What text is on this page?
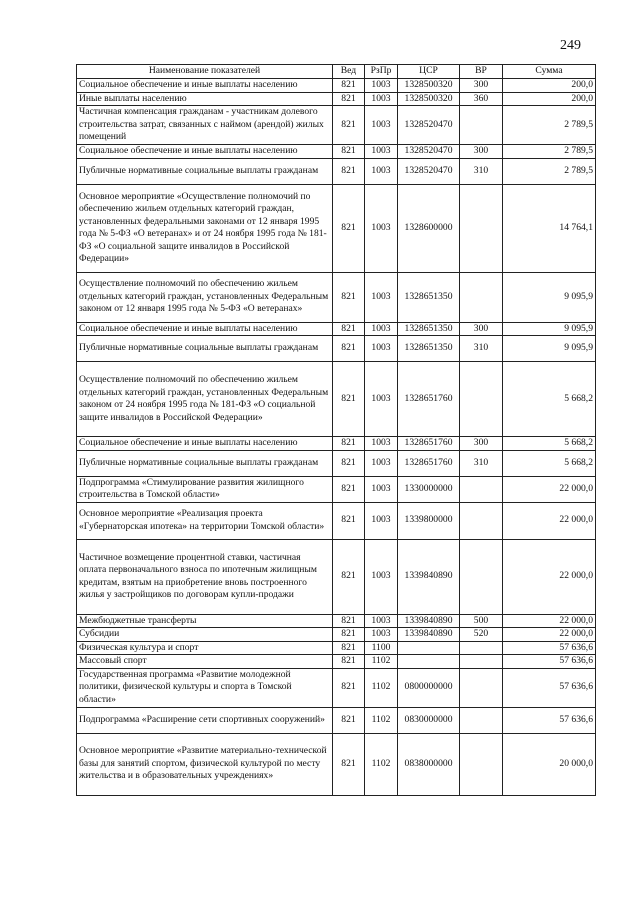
249
Наименование показателей	Вед	РзПр	ЦСР	ВР	Сумма
Социальное обеспечение и иные выплаты населению	821	1003	1328500320	300	200,0
Иные выплаты населению	821	1003	1328500320	360	200,0
Частичная компенсация гражданам - участникам долевого строительства затрат, связанных с наймом (арендой) жилых помещений	821	1003	1328520470		2 789,5
Социальное обеспечение и иные выплаты населению	821	1003	1328520470	300	2 789,5
Публичные нормативные социальные выплаты гражданам	821	1003	1328520470	310	2 789,5
Основное мероприятие «Осуществление полномочий по обеспечению жильем отдельных категорий граждан, установленных федеральными законами от 12 января 1995 года № 5-ФЗ «О ветеранах» и от 24 ноября 1995 года № 181-ФЗ «О социальной защите инвалидов в Российской Федерации»	821	1003	1328600000		14 764,1
Осуществление полномочий по обеспечению жильем отдельных категорий граждан, установленных Федеральным законом от 12 января 1995 года № 5-ФЗ «О ветеранах»	821	1003	1328651350		9 095,9
Социальное обеспечение и иные выплаты населению	821	1003	1328651350	300	9 095,9
Публичные нормативные социальные выплаты гражданам	821	1003	1328651350	310	9 095,9
Осуществление полномочий по обеспечению жильем отдельных категорий граждан, установленных Федеральным законом от 24 ноября 1995 года № 181-ФЗ «О социальной защите инвалидов в Российской Федерации»	821	1003	1328651760		5 668,2
Социальное обеспечение и иные выплаты населению	821	1003	1328651760	300	5 668,2
Публичные нормативные социальные выплаты гражданам	821	1003	1328651760	310	5 668,2
Подпрограмма «Стимулирование развития жилищного строительства в Томской области»	821	1003	1330000000		22 000,0
Основное мероприятие «Реализация проекта «Губернаторская ипотека» на территории Томской области»	821	1003	1339800000		22 000,0
Частичное возмещение процентной ставки, частичная оплата первоначального взноса по ипотечным жилищным кредитам, взятым на приобретение вновь построенного жилья у застройщиков по договорам купли-продажи	821	1003	1339840890		22 000,0
Межбюджетные трансферты	821	1003	1339840890	500	22 000,0
Субсидии	821	1003	1339840890	520	22 000,0
Физическая культура и спорт	821	1100			57 636,6
Массовый спорт	821	1102			57 636,6
Государственная программа «Развитие молодежной политики, физической культуры и спорта в Томской области»	821	1102	0800000000		57 636,6
Подпрограмма «Расширение сети спортивных сооружений»	821	1102	0830000000		57 636,6
Основное мероприятие «Развитие материально-технической базы для занятий спортом, физической культурой по месту жительства и в образовательных учреждениях»	821	1102	0838000000		20 000,0
